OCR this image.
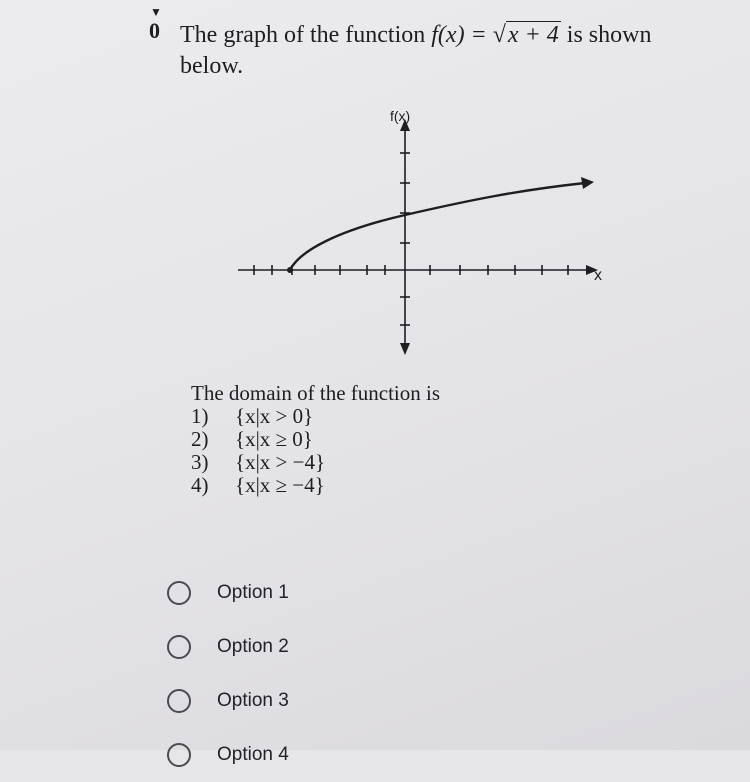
▼
0 The graph of the function f(x) = √x + 4 is shown below.
f(x)
x
The domain of the function is
1)	{x|x > 0}
2)	{x|x ≥ 0}
3)	{x|x > −4}
4)	{x|x ≥ −4}
Option 1
Option 2
Option 3
Option 4
